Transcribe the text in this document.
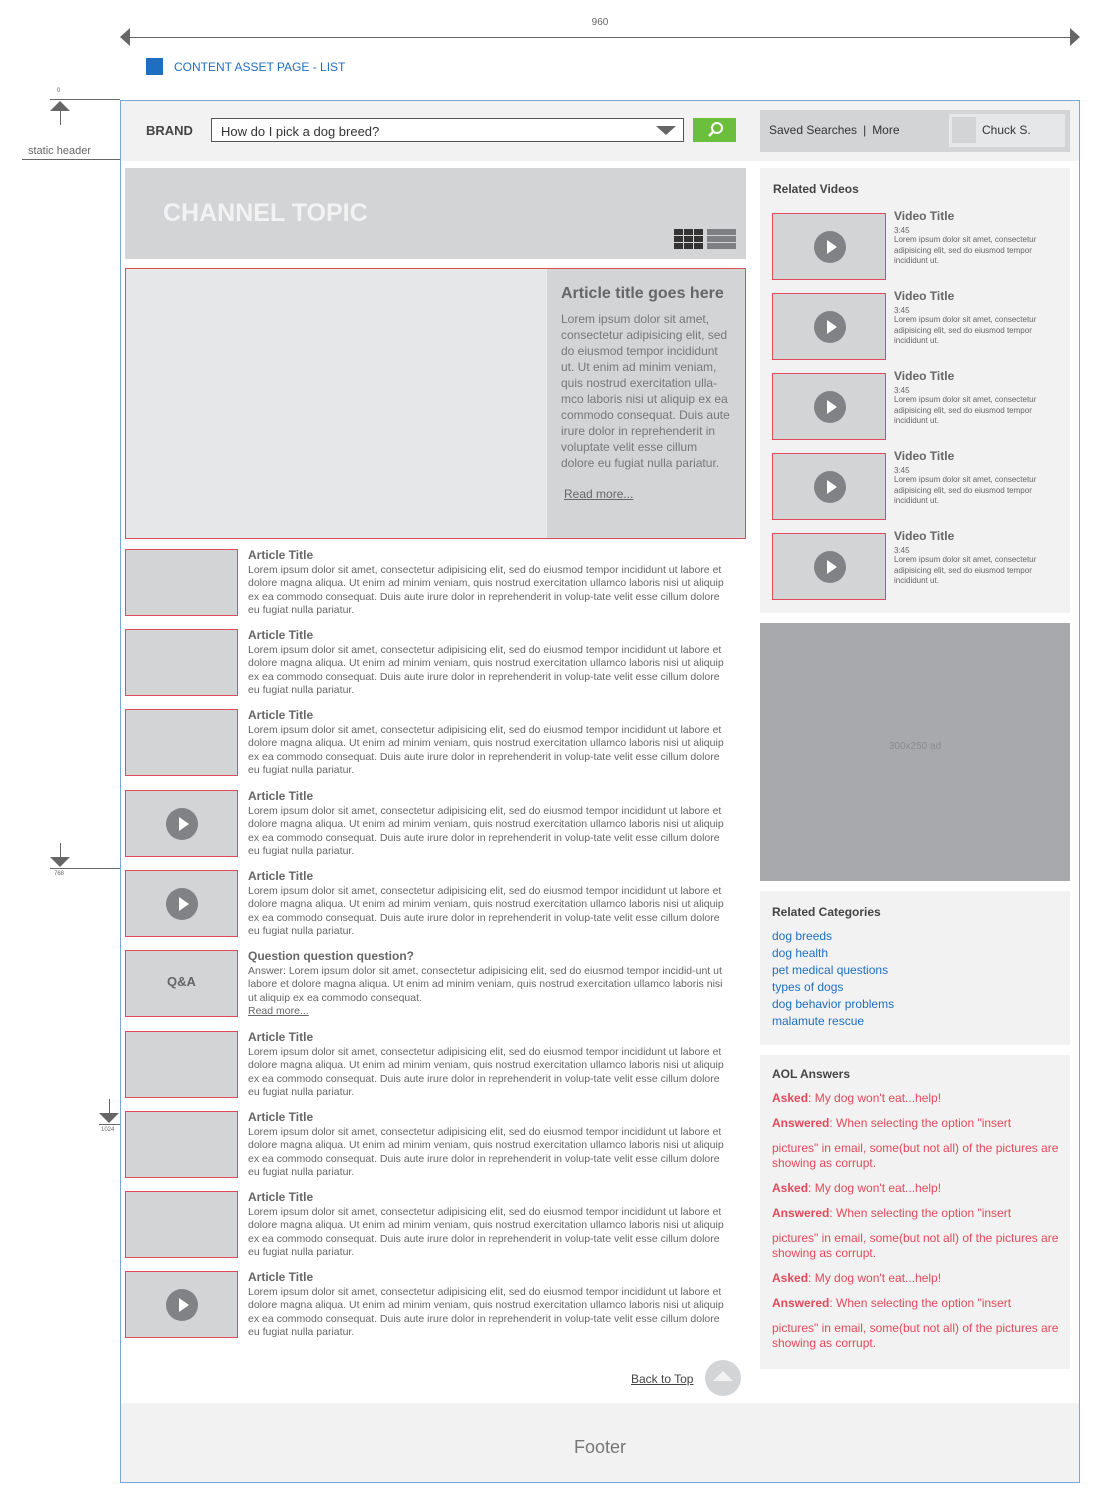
960
CONTENT ASSET PAGE - LIST
0
static header
768
1024
BRAND	How do I pick a dog breed?	Saved Searches | More	Chuck S.
CHANNEL TOPIC
Article title goes here
Lorem ipsum dolor sit amet, consectetur adipisicing elit, sed do eiusmod tempor incididunt ut. Ut enim ad minim veniam, quis nostrud exercitation ulla-mco laboris nisi ut aliquip ex ea commodo consequat. Duis aute irure dolor in reprehenderit in voluptate velit esse cillum dolore eu fugiat nulla pariatur.
Read more...
Article Title
Lorem ipsum dolor sit amet, consectetur adipisicing elit, sed do eiusmod tempor incididunt ut labore et dolore magna aliqua. Ut enim ad minim veniam, quis nostrud exercitation ullamco laboris nisi ut aliquip ex ea commodo consequat. Duis aute irure dolor in reprehenderit in volup-tate velit esse cillum dolore eu fugiat nulla pariatur.
Article Title
Lorem ipsum dolor sit amet, consectetur adipisicing elit, sed do eiusmod tempor incididunt ut labore et dolore magna aliqua. Ut enim ad minim veniam, quis nostrud exercitation ullamco laboris nisi ut aliquip ex ea commodo consequat. Duis aute irure dolor in reprehenderit in volup-tate velit esse cillum dolore eu fugiat nulla pariatur.
Article Title
Lorem ipsum dolor sit amet, consectetur adipisicing elit, sed do eiusmod tempor incididunt ut labore et dolore magna aliqua. Ut enim ad minim veniam, quis nostrud exercitation ullamco laboris nisi ut aliquip ex ea commodo consequat. Duis aute irure dolor in reprehenderit in volup-tate velit esse cillum dolore eu fugiat nulla pariatur.
Article Title
Lorem ipsum dolor sit amet, consectetur adipisicing elit, sed do eiusmod tempor incididunt ut labore et dolore magna aliqua. Ut enim ad minim veniam, quis nostrud exercitation ullamco laboris nisi ut aliquip ex ea commodo consequat. Duis aute irure dolor in reprehenderit in volup-tate velit esse cillum dolore eu fugiat nulla pariatur.
Article Title
Lorem ipsum dolor sit amet, consectetur adipisicing elit, sed do eiusmod tempor incididunt ut labore et dolore magna aliqua. Ut enim ad minim veniam, quis nostrud exercitation ullamco laboris nisi ut aliquip ex ea commodo consequat. Duis aute irure dolor in reprehenderit in volup-tate velit esse cillum dolore eu fugiat nulla pariatur.
Q&A
Question question question?
Answer: Lorem ipsum dolor sit amet, consectetur adipisicing elit, sed do eiusmod tempor incidid-unt ut labore et dolore magna aliqua. Ut enim ad minim veniam, quis nostrud exercitation ullamco laboris nisi ut aliquip ex ea commodo consequat.
Read more...
Article Title
Lorem ipsum dolor sit amet, consectetur adipisicing elit, sed do eiusmod tempor incididunt ut labore et dolore magna aliqua. Ut enim ad minim veniam, quis nostrud exercitation ullamco laboris nisi ut aliquip ex ea commodo consequat. Duis aute irure dolor in reprehenderit in volup-tate velit esse cillum dolore eu fugiat nulla pariatur.
Article Title
Lorem ipsum dolor sit amet, consectetur adipisicing elit, sed do eiusmod tempor incididunt ut labore et dolore magna aliqua. Ut enim ad minim veniam, quis nostrud exercitation ullamco laboris nisi ut aliquip ex ea commodo consequat. Duis aute irure dolor in reprehenderit in volup-tate velit esse cillum dolore eu fugiat nulla pariatur.
Article Title
Lorem ipsum dolor sit amet, consectetur adipisicing elit, sed do eiusmod tempor incididunt ut labore et dolore magna aliqua. Ut enim ad minim veniam, quis nostrud exercitation ullamco laboris nisi ut aliquip ex ea commodo consequat. Duis aute irure dolor in reprehenderit in volup-tate velit esse cillum dolore eu fugiat nulla pariatur.
Article Title
Lorem ipsum dolor sit amet, consectetur adipisicing elit, sed do eiusmod tempor incididunt ut labore et dolore magna aliqua. Ut enim ad minim veniam, quis nostrud exercitation ullamco laboris nisi ut aliquip ex ea commodo consequat. Duis aute irure dolor in reprehenderit in volup-tate velit esse cillum dolore eu fugiat nulla pariatur.
Back to Top
Footer
Related Videos
Video Title
3:45
Lorem ipsum dolor sit amet, consectetur adipisicing elit, sed do eiusmod tempor incididunt ut.
Video Title
3:45
Lorem ipsum dolor sit amet, consectetur adipisicing elit, sed do eiusmod tempor incididunt ut.
Video Title
3:45
Lorem ipsum dolor sit amet, consectetur adipisicing elit, sed do eiusmod tempor incididunt ut.
Video Title
3:45
Lorem ipsum dolor sit amet, consectetur adipisicing elit, sed do eiusmod tempor incididunt ut.
Video Title
3:45
Lorem ipsum dolor sit amet, consectetur adipisicing elit, sed do eiusmod tempor incididunt ut.
300x250 ad
Related Categories
dog breeds
dog health
pet medical questions
types of dogs
dog behavior problems
malamute rescue
AOL Answers
Asked: My dog won't eat...help!
Answered: When selecting the option "insert
pictures" in email, some(but not all) of the pictures are showing as corrupt.
Asked: My dog won't eat...help!
Answered: When selecting the option "insert
pictures" in email, some(but not all) of the pictures are showing as corrupt.
Asked: My dog won't eat...help!
Answered: When selecting the option "insert
pictures" in email, some(but not all) of the pictures are showing as corrupt.
